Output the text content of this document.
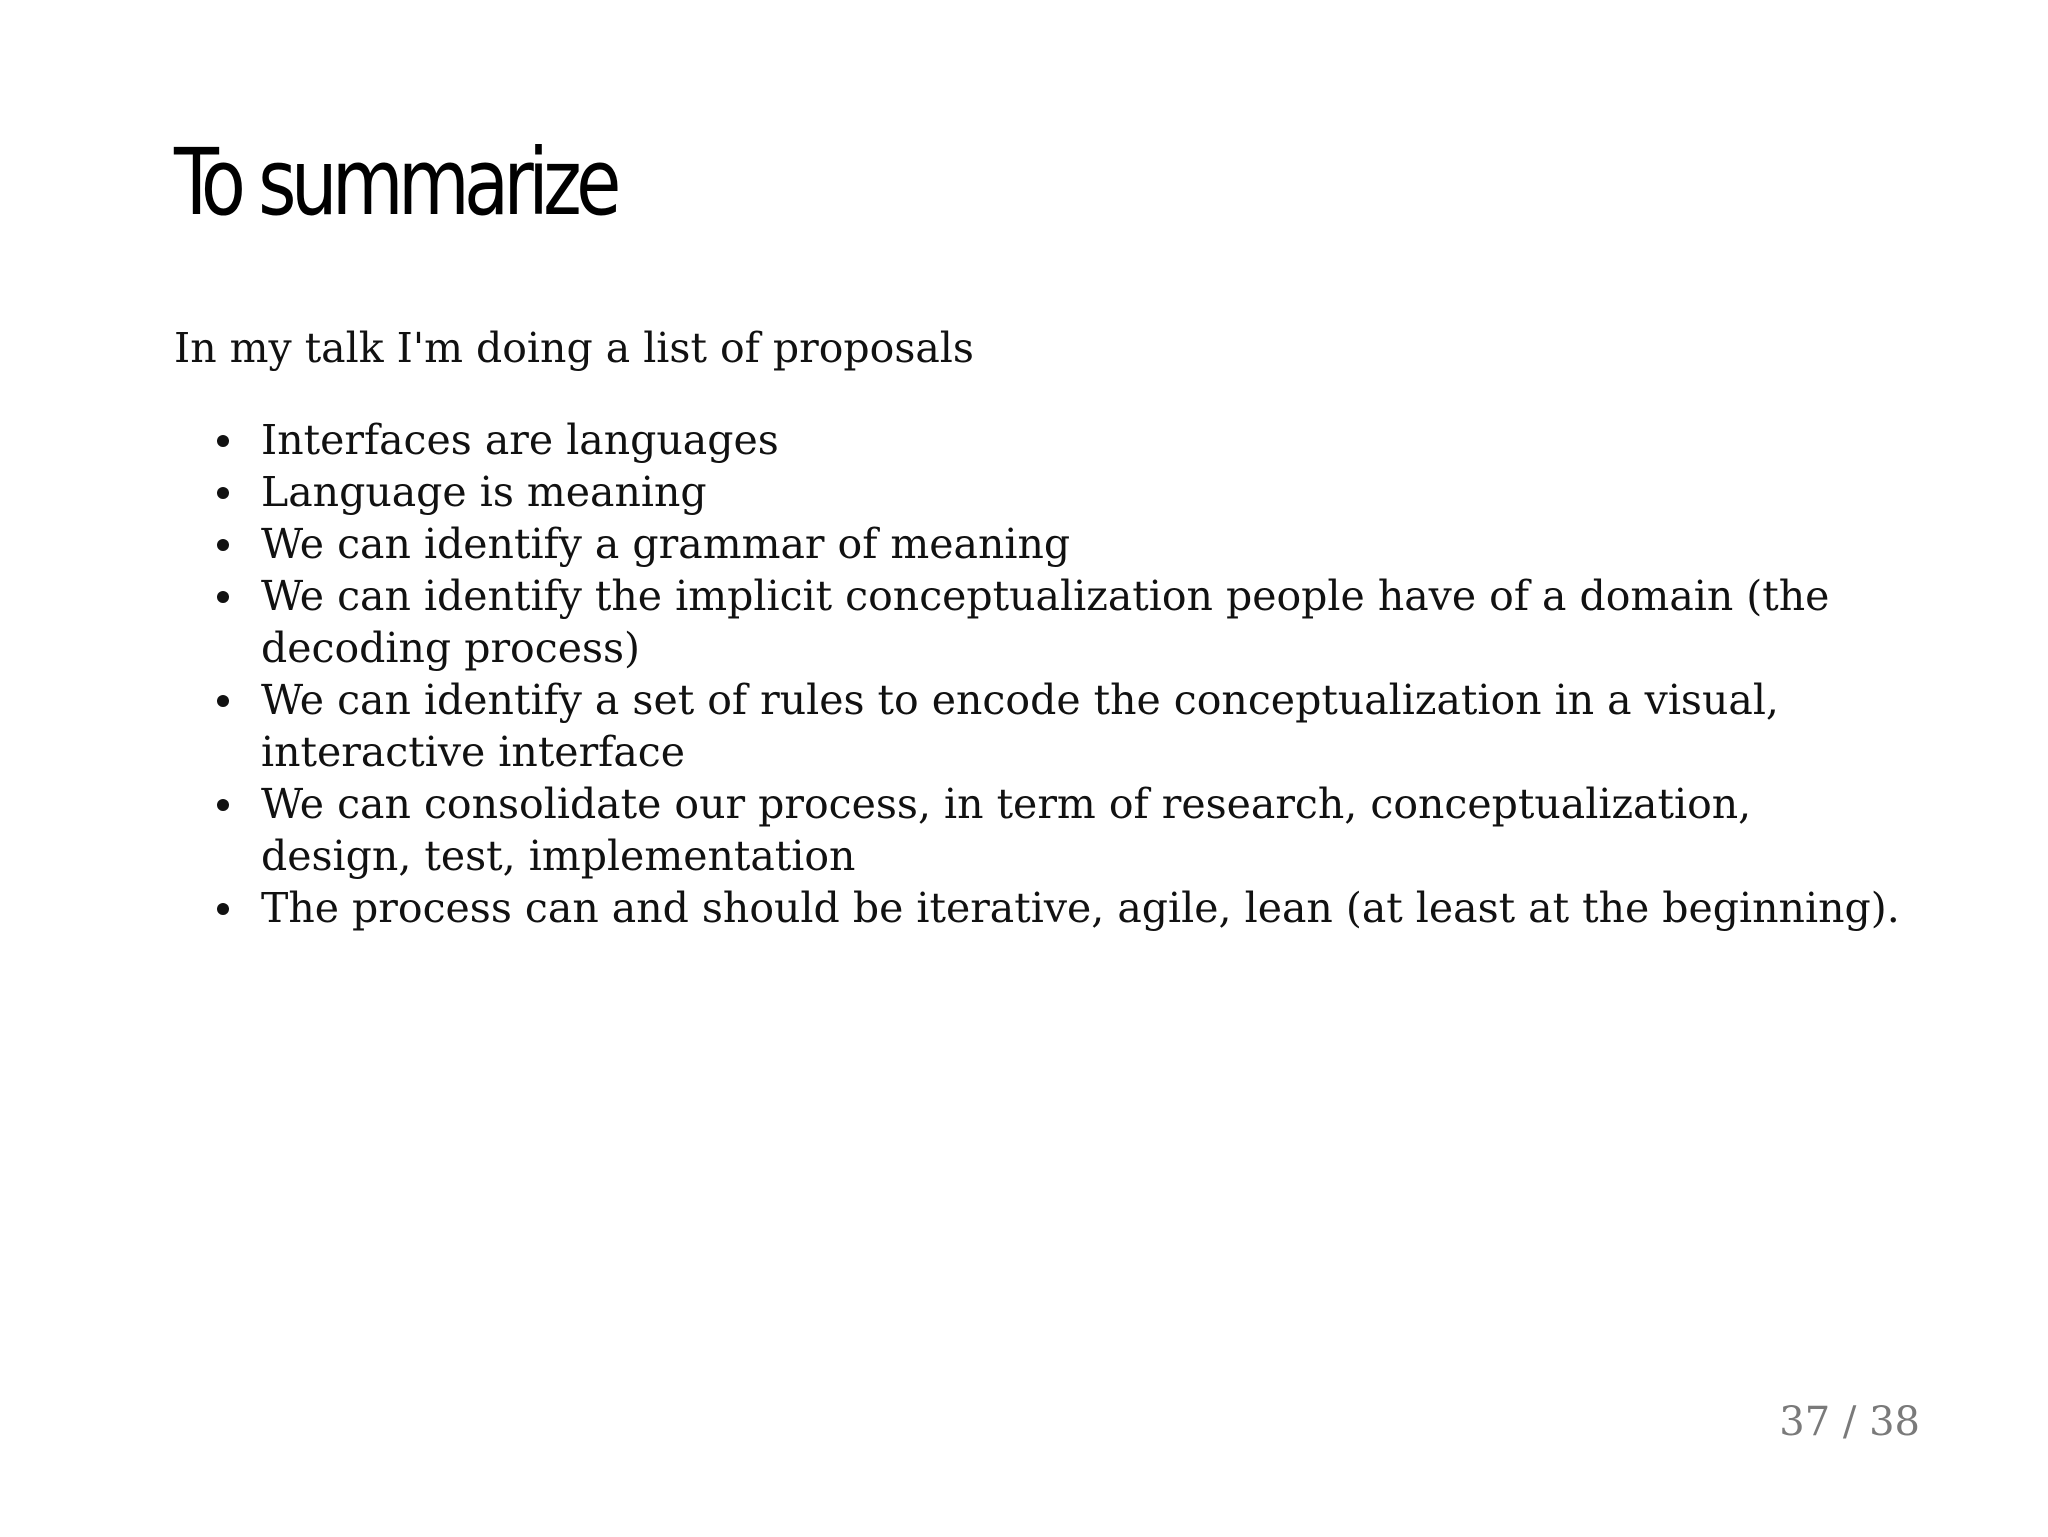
To summarize

In my talk I'm doing a list of proposals

Interfaces are languages
Language is meaning
We can identify a grammar of meaning
We can identify the implicit conceptualization people have of a domain (the decoding process)
We can identify a set of rules to encode the conceptualization in a visual, interactive interface
We can consolidate our process, in term of research, conceptualization, design, test, implementation
The process can and should be iterative, agile, lean (at least at the beginning).
37 / 38
